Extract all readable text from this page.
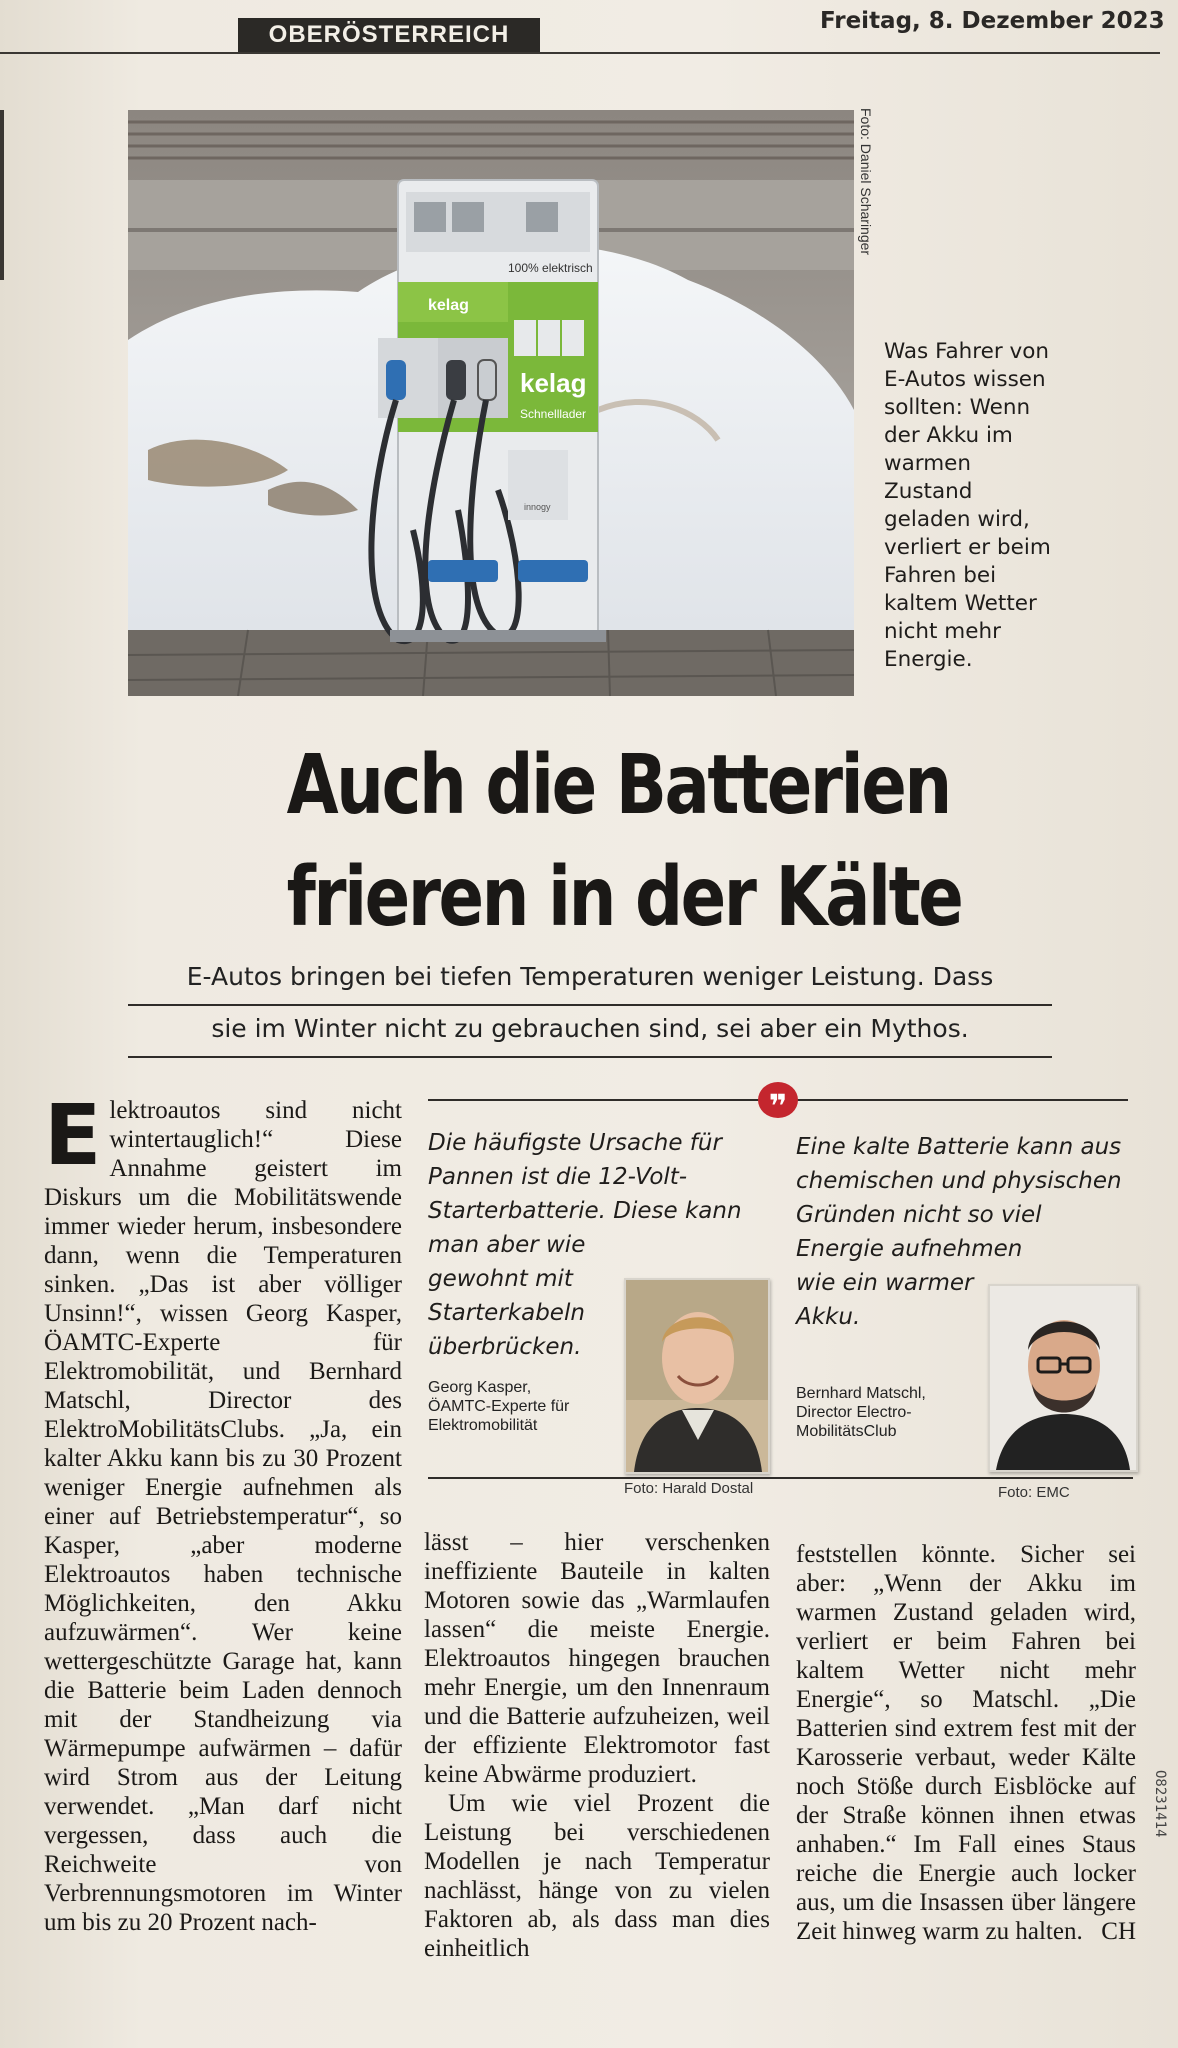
OBERÖSTERREICH	Freitag, 8. Dezember 2023
100% elektrisch
kelag
kelag
Schnelllader
innogy
Foto: Daniel Scharinger
Was Fahrer von E-Autos wissen sollten: Wenn der Akku im warmen Zustand geladen wird, verliert er beim Fahren bei kaltem Wetter nicht mehr Energie.
Auch die Batterien
frieren in der Kälte
E-Autos bringen bei tiefen Temperaturen weniger Leistung. Dass
sie im Winter nicht zu gebrauchen sind, sei aber ein Mythos.
❞
Die häufigste Ursache für Pannen ist die 12-Volt-Starterbatterie. Diese kann man aber wie
gewohnt mit Starterkabeln überbrücken.
Georg Kasper,
ÖAMTC-Experte für Elektromobilität
Eine kalte Batterie kann aus chemischen und physischen Gründen nicht so viel Energie aufnehmen
wie ein warmer Akku.
Bernhard Matschl,
Director Electro-MobilitätsClub
Foto: Harald Dostal	Foto: EMC
E lektroautos sind nicht wintertauglich!“ Diese Annahme geistert im Diskurs um die Mobilitätswende immer wieder herum, insbesondere dann, wenn die Temperaturen sinken. „Das ist aber völliger Unsinn!“, wissen Georg Kasper, ÖAMTC-Experte für Elektromobilität, und Bernhard Matschl, Director des ElektroMobilitätsClubs. „Ja, ein kalter Akku kann bis zu 30 Prozent weniger Energie aufnehmen als einer auf Betriebstemperatur“, so Kasper, „aber moderne Elektroautos haben technische Möglichkeiten, den Akku aufzuwärmen“. Wer keine wettergeschützte Garage hat, kann die Batterie beim Laden dennoch mit der Standheizung via Wärmepumpe aufwärmen – dafür wird Strom aus der Leitung verwendet. „Man darf nicht vergessen, dass auch die Reichweite von Verbrennungsmotoren im Winter um bis zu 20 Prozent nach-

lässt – hier verschenken ineffiziente Bauteile in kalten Motoren sowie das „Warmlaufen lassen“ die meiste Energie. Elektroautos hingegen brauchen mehr Energie, um den Innenraum und die Batterie aufzuheizen, weil der effiziente Elektromotor fast keine Abwärme produziert.

Um wie viel Prozent die Leistung bei verschiedenen Modellen je nach Temperatur nachlässt, hänge von zu vielen Faktoren ab, als dass man dies einheitlich

feststellen könnte. Sicher sei aber: „Wenn der Akku im warmen Zustand geladen wird, verliert er beim Fahren bei kaltem Wetter nicht mehr Energie“, so Matschl. „Die Batterien sind extrem fest mit der Karosserie verbaut, weder Kälte noch Stöße durch Eisblöcke auf der Straße können ihnen etwas anhaben.“ Im Fall eines Staus reiche die Energie auch locker aus, um die Insassen über längere Zeit hinweg warm zu halten. CH

O8231414
